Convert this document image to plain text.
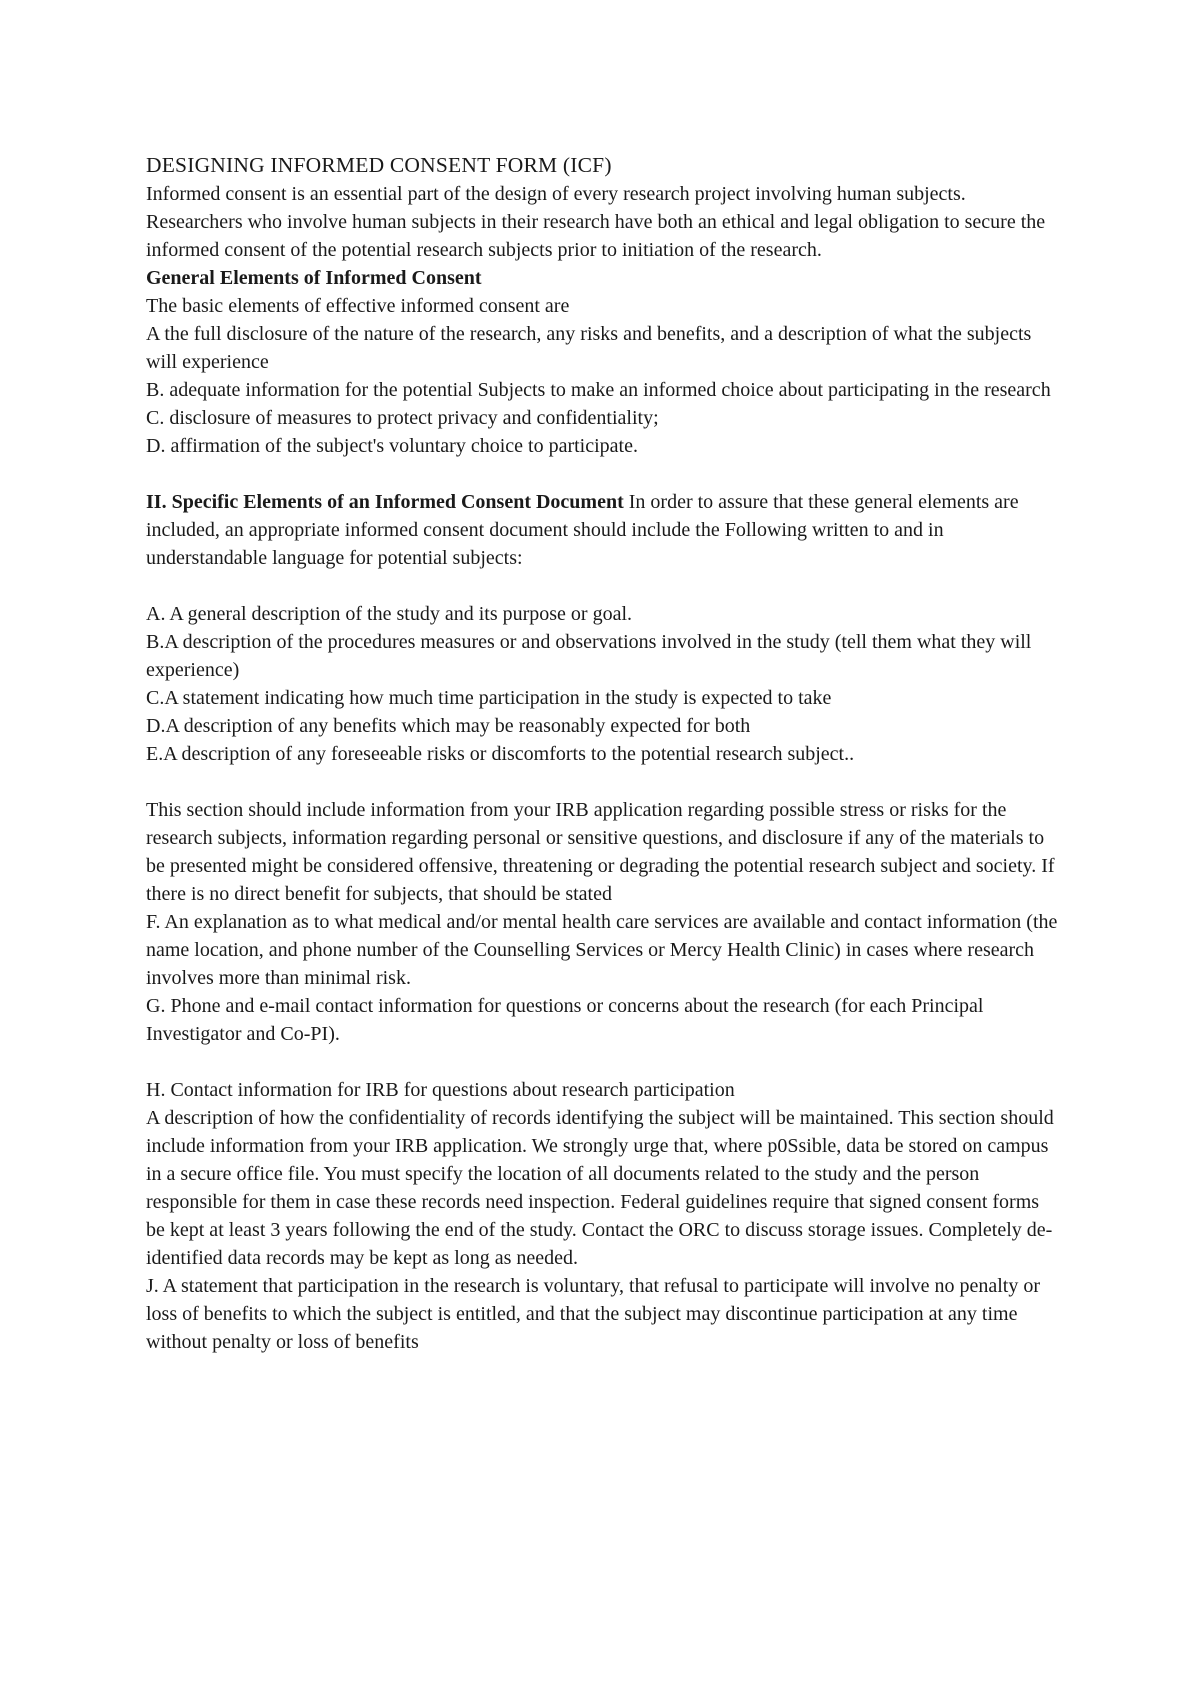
DESIGNING INFORMED CONSENT FORM (ICF)

Informed consent is an essential part of the design of every research project involving human subjects. Researchers who involve human subjects in their research have both an ethical and legal obligation to secure the informed consent of the potential research subjects prior to initiation of the research.

General Elements of Informed Consent

The basic elements of effective informed consent are

A the full disclosure of the nature of the research, any risks and benefits, and a description of what the subjects will experience

B. adequate information for the potential Subjects to make an informed choice about participating in the research

C. disclosure of measures to protect privacy and confidentiality;

D. affirmation of the subject's voluntary choice to participate.

II. Specific Elements of an Informed Consent Document In order to assure that these general elements are included, an appropriate informed consent document should include the Following written to and in understandable language for potential subjects:

A. A general description of the study and its purpose or goal.

B.A description of the procedures measures or and observations involved in the study (tell them what they will experience)

C.A statement indicating how much time participation in the study is expected to take

D.A description of any benefits which may be reasonably expected for both

E.A description of any foreseeable risks or discomforts to the potential research subject..

This section should include information from your IRB application regarding possible stress or risks for the research subjects, information regarding personal or sensitive questions, and disclosure if any of the materials to be presented might be considered offensive, threatening or degrading the potential research subject and society. If there is no direct benefit for subjects, that should be stated

F. An explanation as to what medical and/or mental health care services are available and contact information (the name location, and phone number of the Counselling Services or Mercy Health Clinic) in cases where research involves more than minimal risk.

G. Phone and e-mail contact information for questions or concerns about the research (for each Principal Investigator and Co-PI).

H. Contact information for IRB for questions about research participation

A description of how the confidentiality of records identifying the subject will be maintained. This section should include information from your IRB application. We strongly urge that, where p0Ssible, data be stored on campus in a secure office file. You must specify the location of all documents related to the study and the person responsible for them in case these records need inspection. Federal guidelines require that signed consent forms be kept at least 3 years following the end of the study. Contact the ORC to discuss storage issues. Completely de-identified data records may be kept as long as needed.

J. A statement that participation in the research is voluntary, that refusal to participate will involve no penalty or loss of benefits to which the subject is entitled, and that the subject may discontinue participation at any time without penalty or loss of benefits
